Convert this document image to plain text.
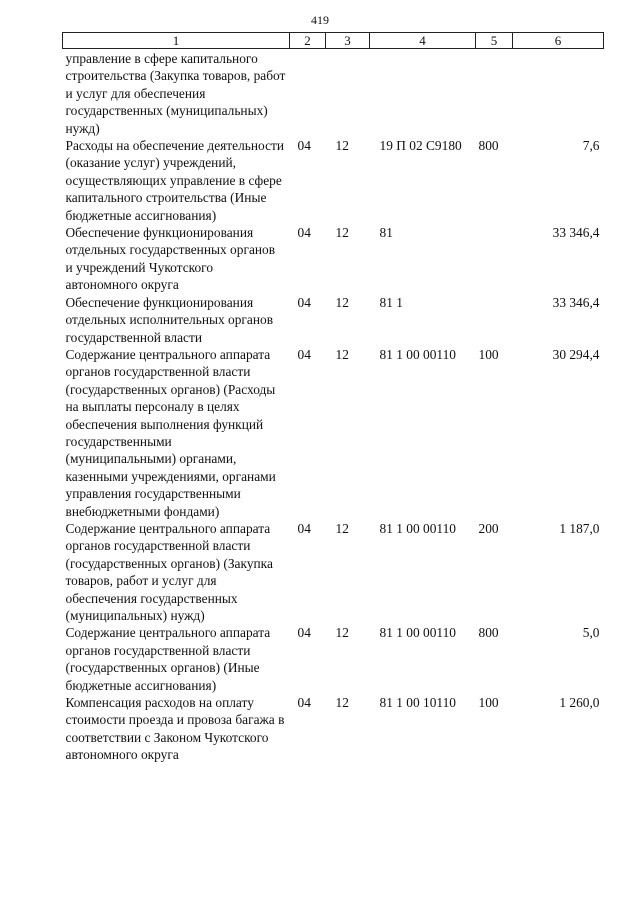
419
1	2	3	4	5	6
управление в сфере капитального строительства (Закупка товаров, работ и услуг для обеспечения государственных (муниципальных) нужд)					
Расходы на обеспечение деятельности (оказание услуг) учреждений, осуществляющих управление в сфере капитального строительства (Иные бюджетные ассигнования)	04	12	19 П 02 С9180	800	7,6
Обеспечение функционирования отдельных государственных органов и учреждений Чукотского автономного округа	04	12	81		33 346,4
Обеспечение функционирования отдельных исполнительных органов государственной власти	04	12	81 1		33 346,4
Содержание центрального аппарата органов государственной власти (государственных органов) (Расходы на выплаты персоналу в целях обеспечения выполнения функций государственными (муниципальными) органами, казенными учреждениями, органами управления государственными внебюджетными фондами)	04	12	81 1 00 00110	100	30 294,4
Содержание центрального аппарата органов государственной власти (государственных органов) (Закупка товаров, работ и услуг для обеспечения государственных (муниципальных) нужд)	04	12	81 1 00 00110	200	1 187,0
Содержание центрального аппарата органов государственной власти (государственных органов) (Иные бюджетные ассигнования)	04	12	81 1 00 00110	800	5,0
Компенсация расходов на оплату стоимости проезда и провоза багажа в соответствии с Законом Чукотского автономного округа	04	12	81 1 00 10110	100	1 260,0
